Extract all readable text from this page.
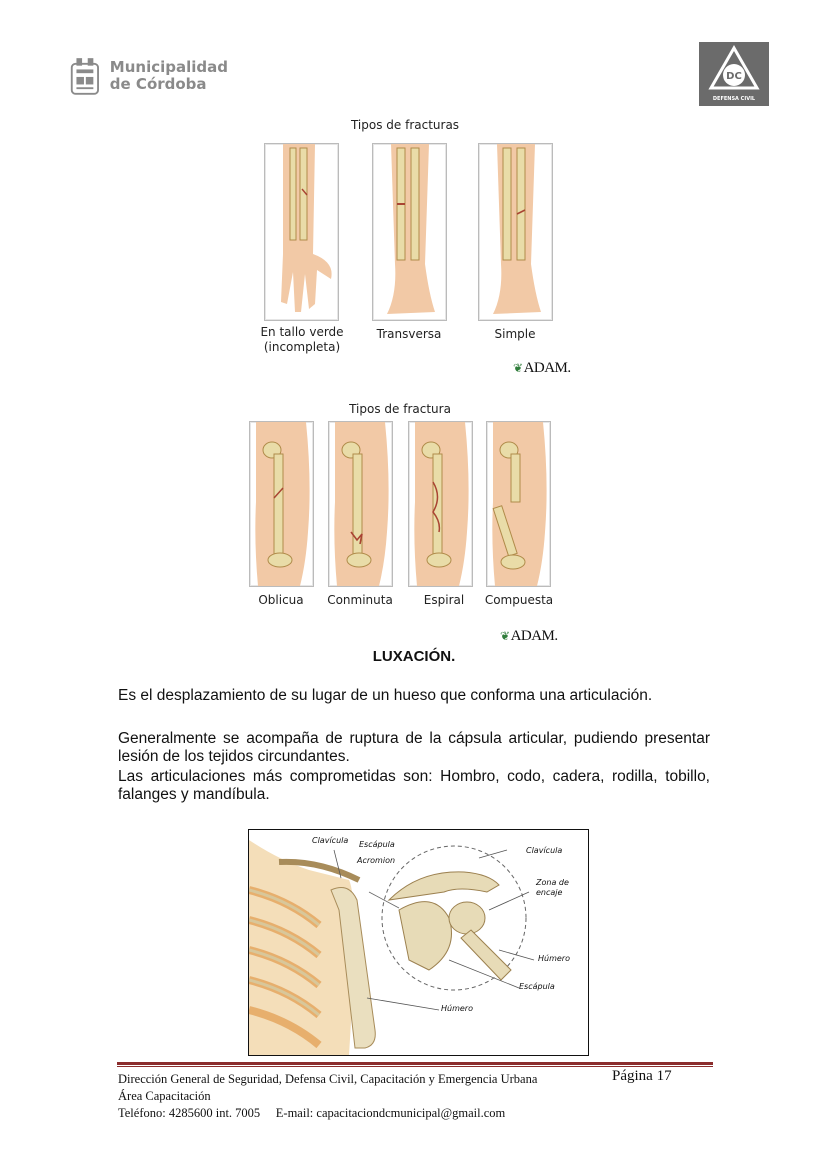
Municipalidad
de Córdoba	DC
DEFENSA CIVIL
Tipos de fracturas
En tallo verde
(incompleta)
Transversa	Simple
❦ADAM.
Tipos de fractura
Oblicua	Conminuta	Espiral	Compuesta
❦ADAM.
LUXACIÓN.
Es el desplazamiento de su lugar de un hueso que conforma una articulación.
Generalmente se acompaña de ruptura de la cápsula articular, pudiendo presentar lesión de los tejidos circundantes.
Las articulaciones más comprometidas son: Hombro, codo, cadera, rodilla, tobillo, falanges y mandíbula.
Clavícula Escápula
Acromion
Clavícula
Zona de encaje
Húmero
Escápula
Húmero
Dirección General de Seguridad, Defensa Civil, Capacitación y Emergencia Urbana	Página 17
Área Capacitación
Teléfono: 4285600 int. 7005     E-mail: capacitaciondcmunicipal@gmail.com
